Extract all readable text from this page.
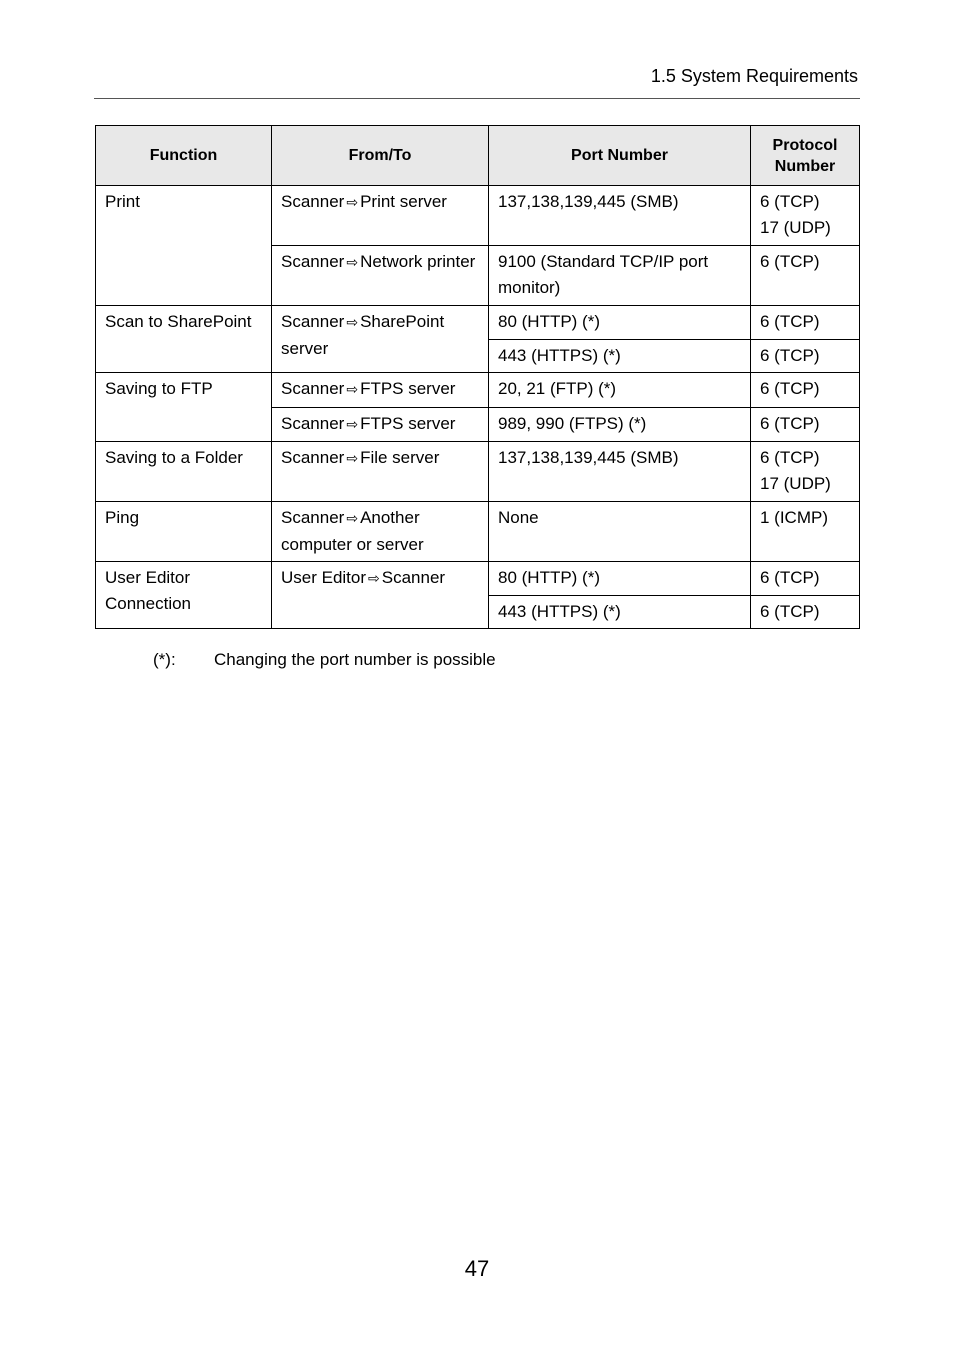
1.5 System Requirements
Function	From/To	Port Number	Protocol Number
Print	Scanner ⇨ Print server	137,138,139,445 (SMB)	6 (TCP)
17 (UDP)

	Scanner ⇨ Network printer	9100 (Standard TCP/IP port monitor)	6 (TCP)

Scan to SharePoint	Scanner ⇨ SharePoint server	80 (HTTP) (*)	6 (TCP)

		443 (HTTPS) (*)	6 (TCP)

Saving to FTP	Scanner ⇨ FTPS server	20, 21 (FTP) (*)	6 (TCP)

	Scanner ⇨ FTPS server	989, 990 (FTPS) (*)	6 (TCP)

Saving to a Folder	Scanner ⇨ File server	137,138,139,445 (SMB)	6 (TCP)
17 (UDP)

Ping	Scanner ⇨ Another computer or server	None	1 (ICMP)

User Editor Connection	User Editor ⇨ Scanner	80 (HTTP) (*)	6 (TCP)

		443 (HTTPS) (*)	6 (TCP)
(*): Changing the port number is possible
47
